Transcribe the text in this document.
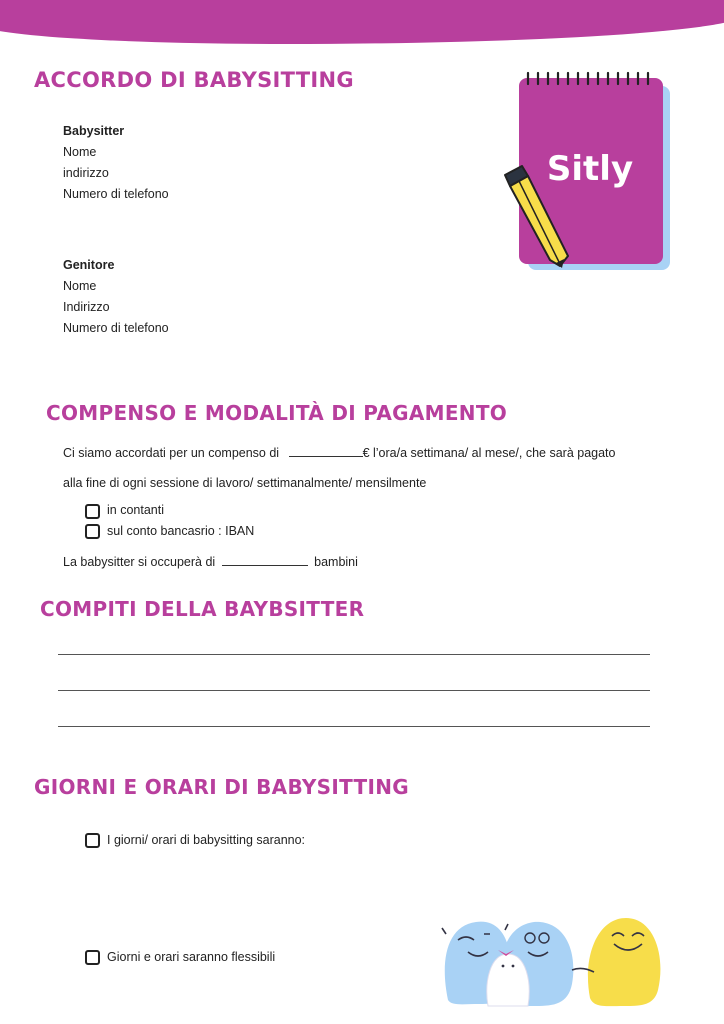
ACCORDO DI BABYSITTING
Sitly

Babysitter

Nome

indirizzo

Numero di telefono

Genitore

Nome

Indirizzo

Numero di telefono

COMPENSO E MODALITÀ DI PAGAMENTO

Ci siamo accordati per un compenso di	€ l’ora/a settimana/ al mese/, che sarà pagato

alla fine di ogni sessione di lavoro/ settimanalmente/ mensilmente

in contanti

sul conto bancasrio : IBAN

La babysitter si occuperà di	bambini

COMPITI DELLA BAYBSITTER
GIORNI E ORARI DI BABYSITTING

I giorni/ orari di babysitting saranno:

Giorni e orari saranno flessibili
